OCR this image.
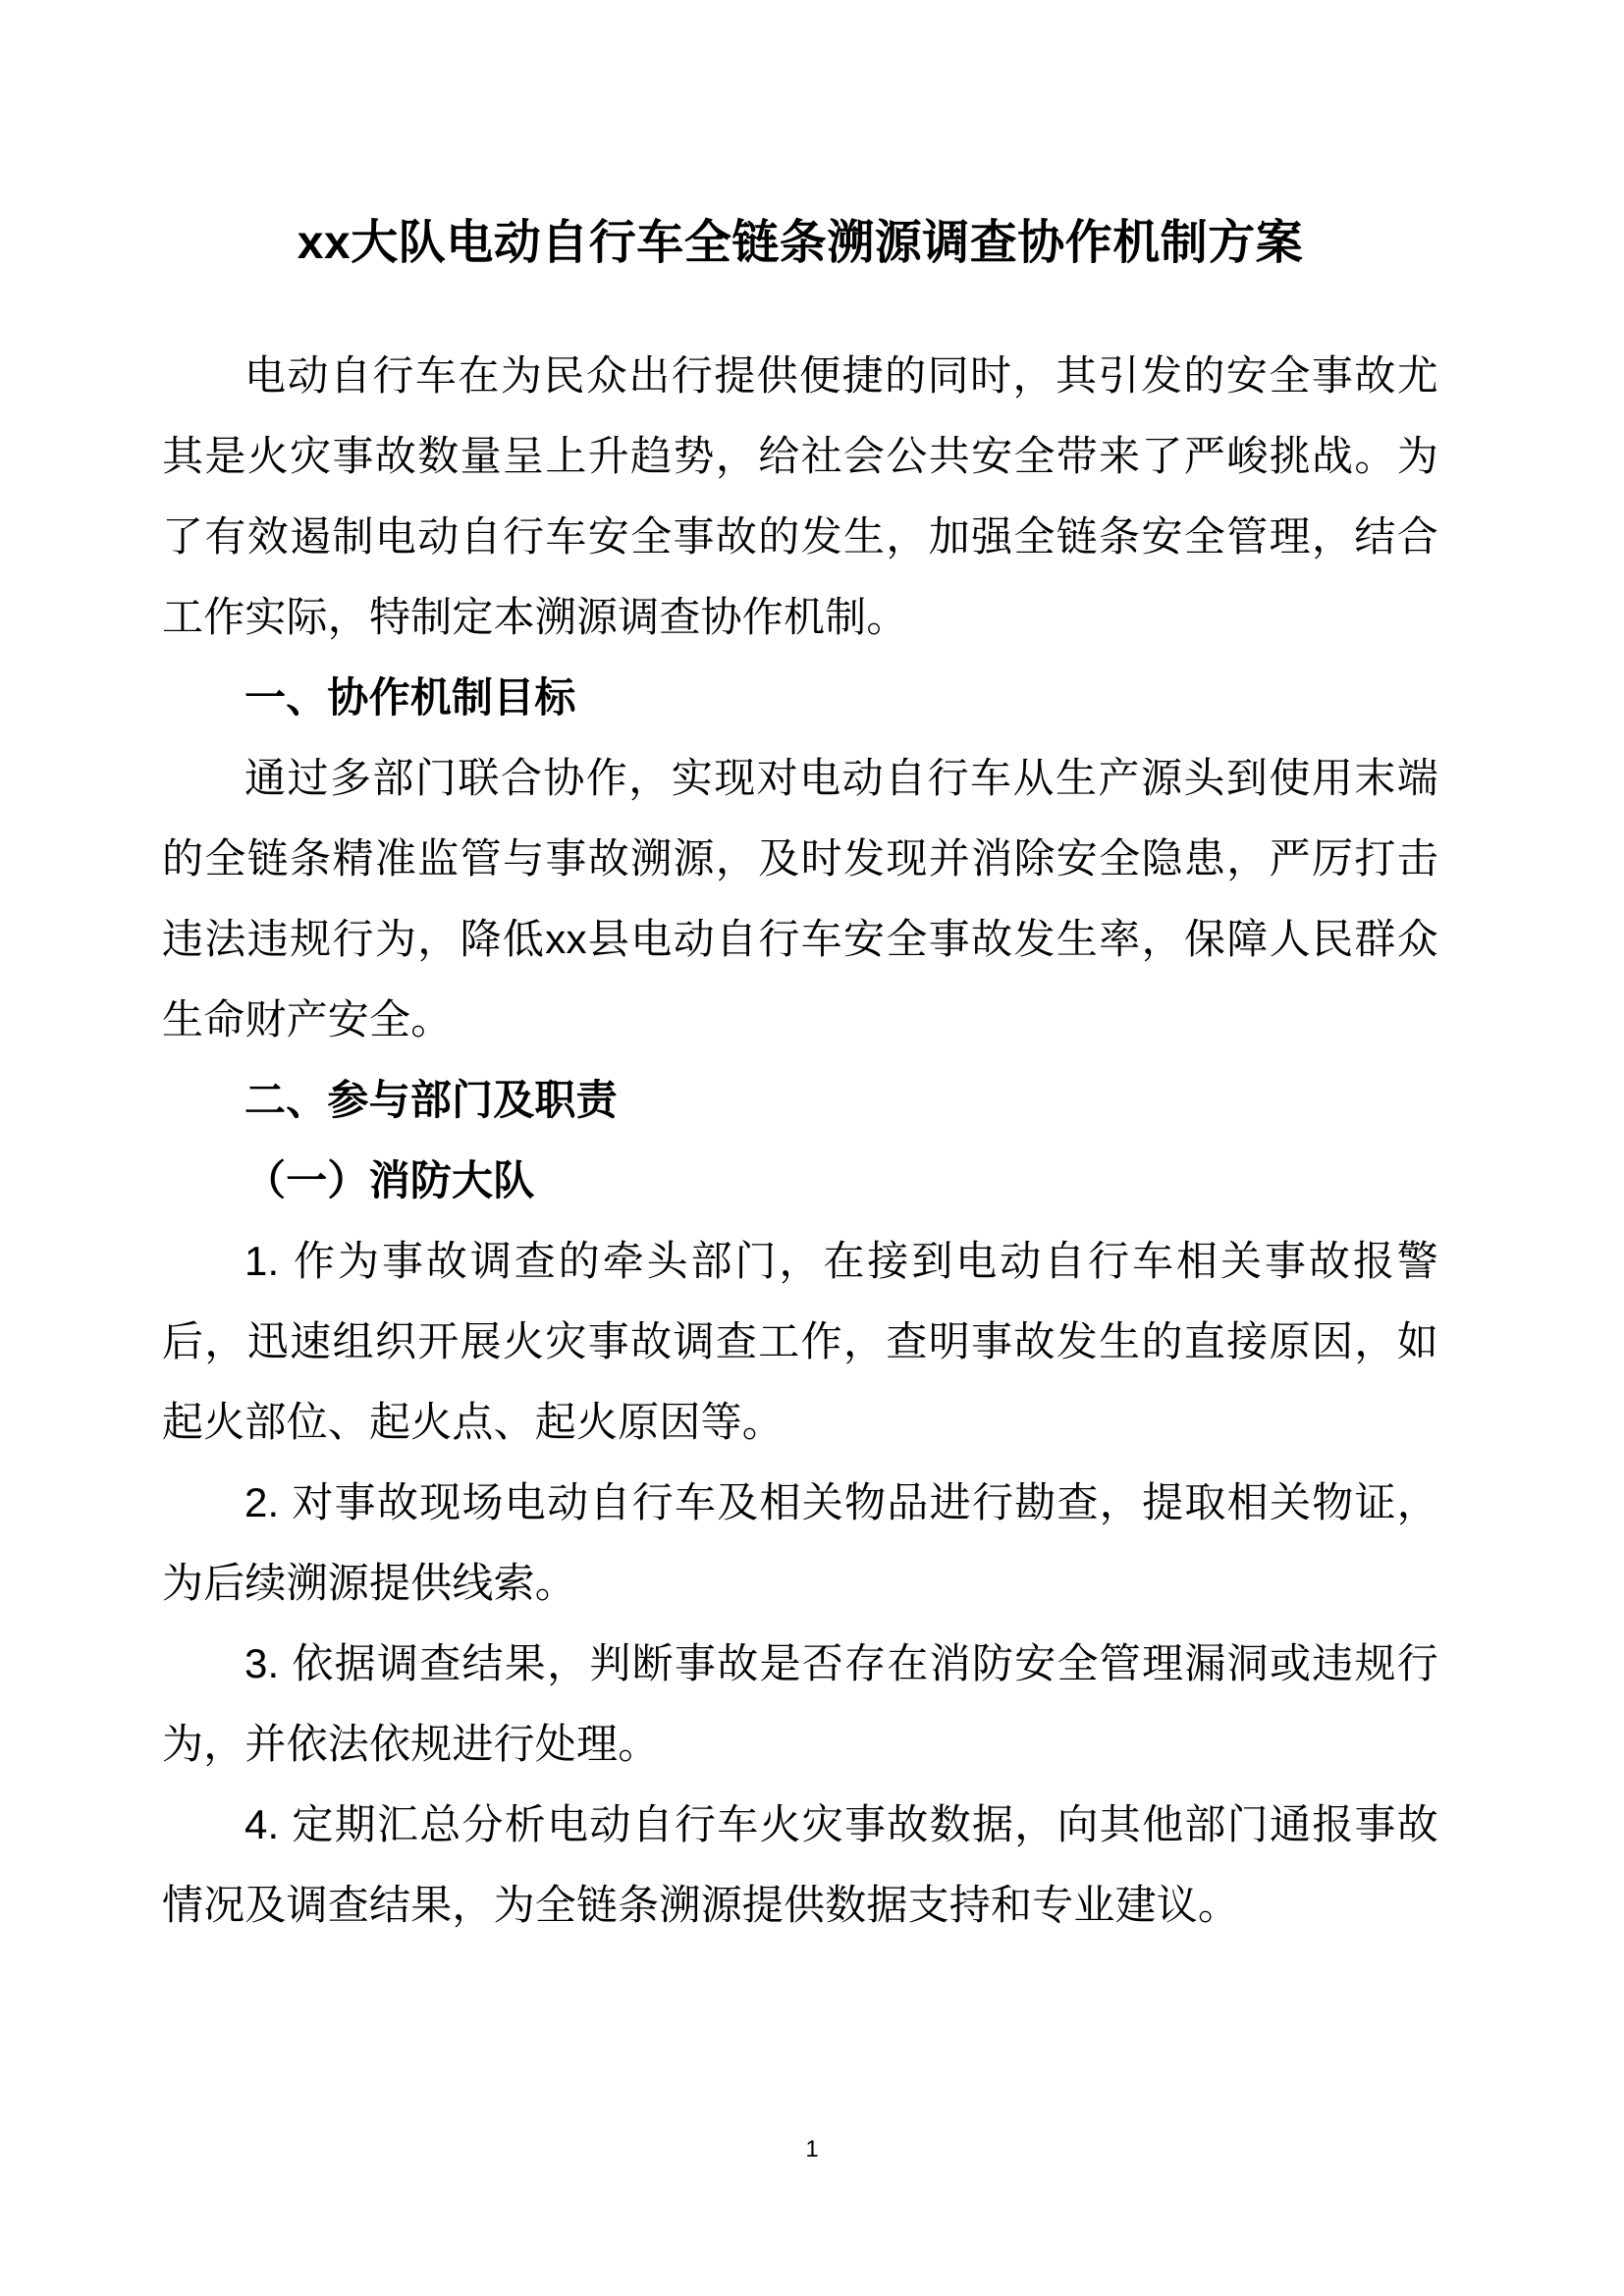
xx大队电动自行车全链条溯源调查协作机制方案

电动自行车在为民众出行提供便捷的同时，其引发的安全事故尤其是火灾事故数量呈上升趋势，给社会公共安全带来了严峻挑战。为了有效遏制电动自行车安全事故的发生，加强全链条安全管理，结合工作实际，特制定本溯源调查协作机制。

一、协作机制目标

通过多部门联合协作，实现对电动自行车从生产源头到使用末端的全链条精准监管与事故溯源，及时发现并消除安全隐患，严厉打击违法违规行为，降低xx县电动自行车安全事故发生率，保障人民群众生命财产安全。

二、参与部门及职责
（一）消防大队

1. 作为事故调查的牵头部门，在接到电动自行车相关事故报警后，迅速组织开展火灾事故调查工作，查明事故发生的直接原因，如起火部位、起火点、起火原因等。

2. 对事故现场电动自行车及相关物品进行勘查，提取相关物证，为后续溯源提供线索。

3. 依据调查结果，判断事故是否存在消防安全管理漏洞或违规行为，并依法依规进行处理。

4. 定期汇总分析电动自行车火灾事故数据，向其他部门通报事故情况及调查结果，为全链条溯源提供数据支持和专业建议。

1
